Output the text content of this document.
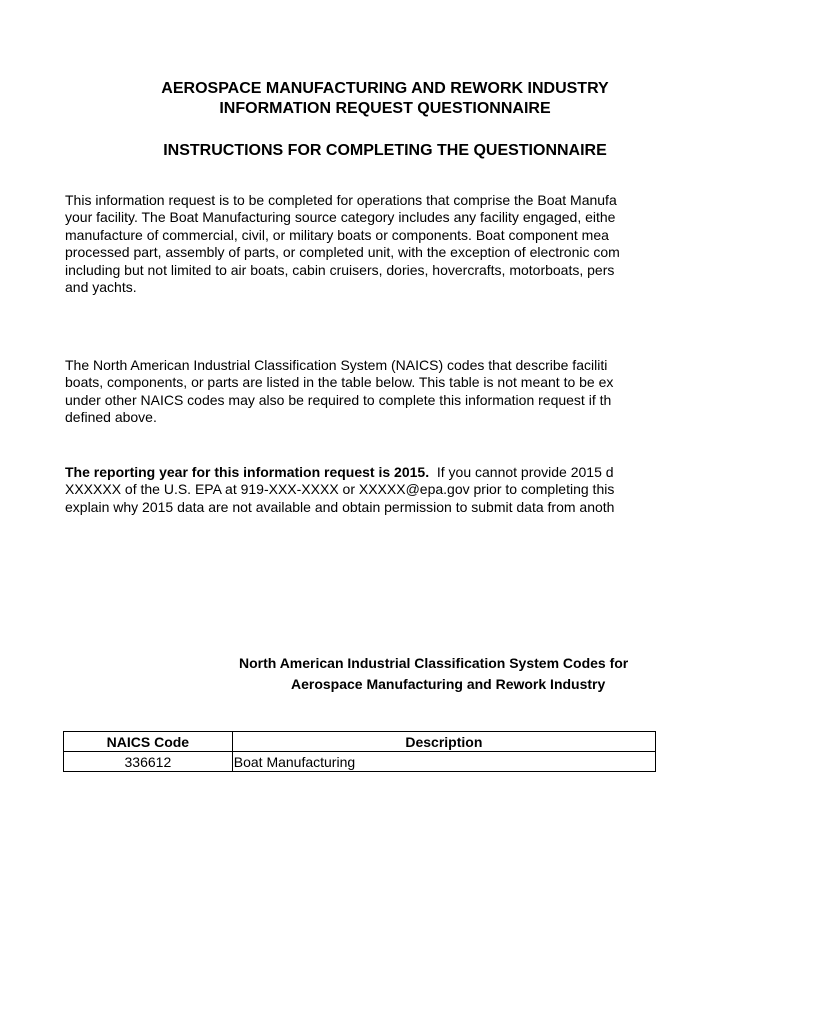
AEROSPACE MANUFACTURING AND REWORK INDUSTRY
INFORMATION REQUEST QUESTIONNAIRE
INSTRUCTIONS FOR COMPLETING THE QUESTIONNAIRE
This information request is to be completed for operations that comprise the Boat Manufa
your facility. The Boat Manufacturing source category includes any facility engaged, eithe
manufacture of commercial, civil, or military boats or components. Boat component mea
processed part, assembly of parts, or completed unit, with the exception of electronic com
including but not limited to air boats, cabin cruisers, dories, hovercrafts, motorboats, pers
and yachts.
The North American Industrial Classification System (NAICS) codes that describe faciliti
boats, components, or parts are listed in the table below. This table is not meant to be ex
under other NAICS codes may also be required to complete this information request if th
defined above.
The reporting year for this information request is 2015.  If you cannot provide 2015 d
XXXXXX of the U.S. EPA at 919-XXX-XXXX or XXXXX@epa.gov prior to completing this
explain why 2015 data are not available and obtain permission to submit data from anoth
North American Industrial Classification System Codes for
Aerospace Manufacturing and Rework Industry
NAICS Code	Description
336612	Boat Manufacturing
